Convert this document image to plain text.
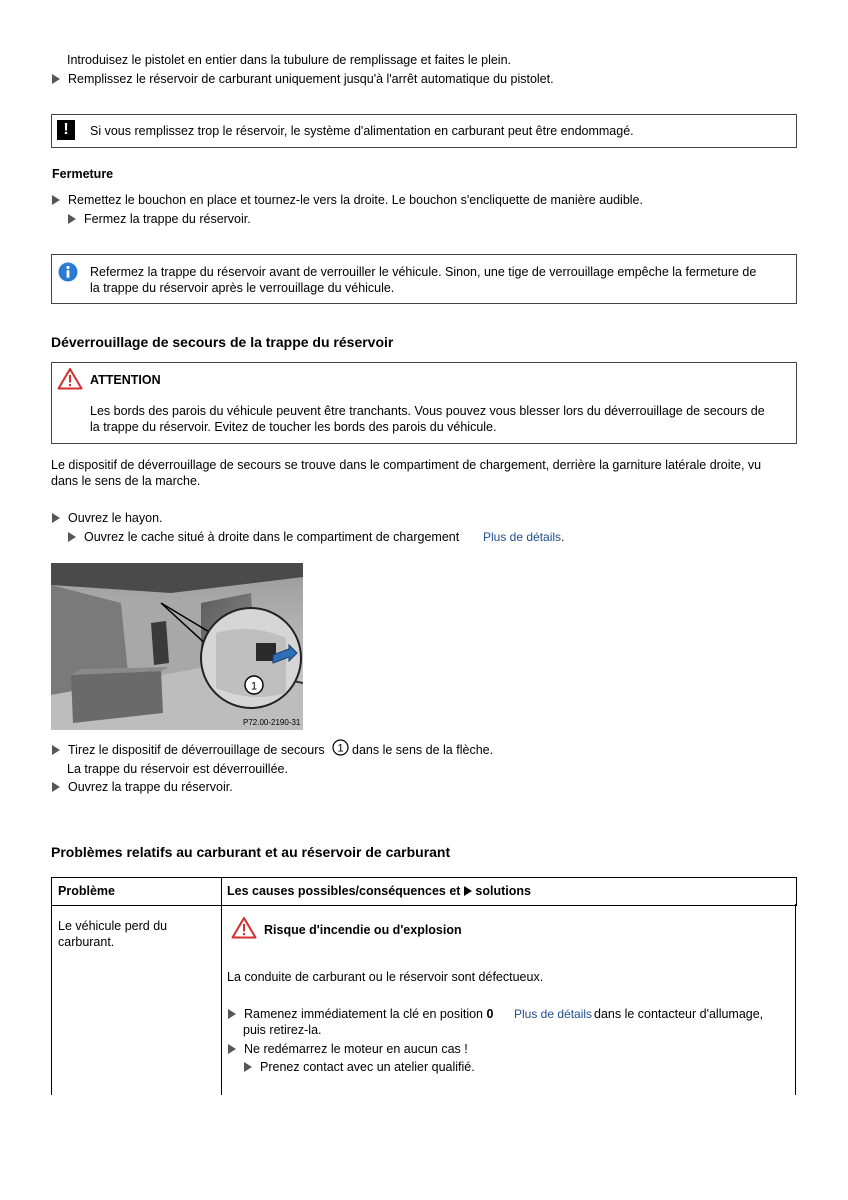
Introduisez le pistolet en entier dans la tubulure de remplissage et faites le plein.
Remplissez le réservoir de carburant uniquement jusqu'à l'arrêt automatique du pistolet.
!	Si vous remplissez trop le réservoir, le système d'alimentation en carburant peut être endommagé.
Fermeture
Remettez le bouchon en place et tournez-le vers la droite. Le bouchon s'encliquette de manière audible.
Fermez la trappe du réservoir.
Refermez la trappe du réservoir avant de verrouiller le véhicule. Sinon, une tige de verrouillage empêche la fermeture de
la trappe du réservoir après le verrouillage du véhicule.
Déverrouillage de secours de la trappe du réservoir
ATTENTION
Les bords des parois du véhicule peuvent être tranchants. Vous pouvez vous blesser lors du déverrouillage de secours de
la trappe du réservoir. Evitez de toucher les bords des parois du véhicule.
Le dispositif de déverrouillage de secours se trouve dans le compartiment de chargement, derrière la garniture latérale droite, vu
dans le sens de la marche.
Ouvrez le hayon.
Ouvrez le cache situé à droite dans le compartiment de chargement Plus de détails.
1
P72.00-2190-31
Tirez le dispositif de déverrouillage de secours 1 dans le sens de la flèche.
La trappe du réservoir est déverrouillée.
Ouvrez la trappe du réservoir.
Problèmes relatifs au carburant et au réservoir de carburant
Problème	Les causes possibles/conséquences et solutions
Le véhicule perd du
carburant.
Risque d'incendie ou d'explosion
La conduite de carburant ou le réservoir sont défectueux.
Ramenez immédiatement la clé en position 0 Plus de détails dans le contacteur d'allumage,
puis retirez-la.
Ne redémarrez le moteur en aucun cas !
Prenez contact avec un atelier qualifié.
